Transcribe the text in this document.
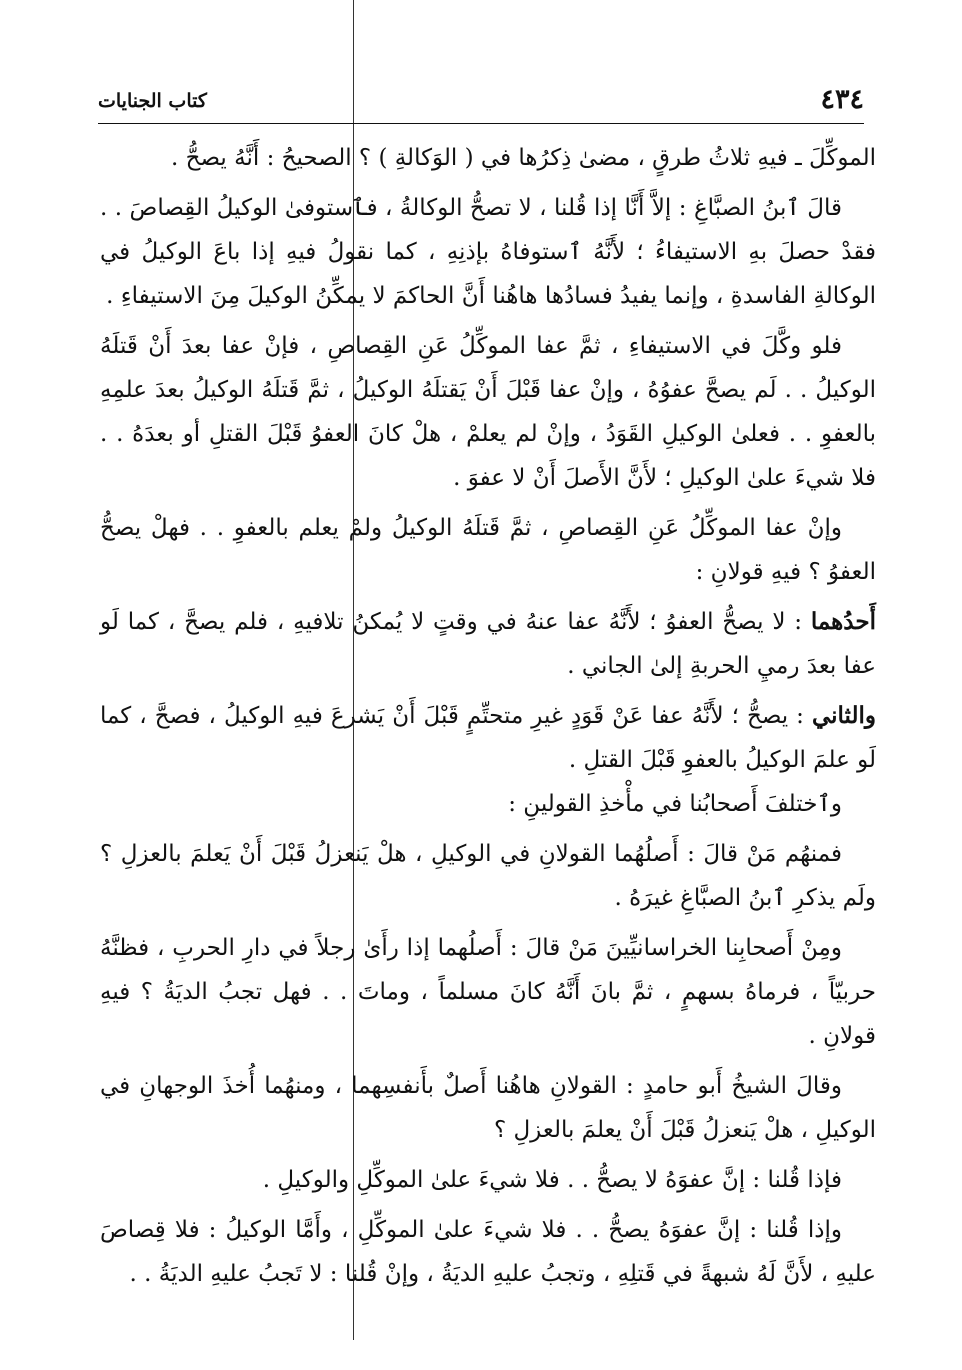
٤٣٤
كتاب الجنايات

الموكِّلَ ـ فيهِ ثلاثُ طرقٍ ، مضىٰ ذِكرُها في ( الوَكالةِ ) ؟ الصحيحُ : أَنَّهُ يصحُّ .

قالَ ٱبنُ الصبَّاغِ : إلاَّ أَنَّا إذا قُلنا ، لا تصحُّ الوكالةُ ، فٱستوفىٰ الوكيلُ القِصاصَ . . فقدْ حصلَ بهِ الاستيفاءُ ؛ لأَنَّهُ ٱستوفاهُ بإذنِهِ ، كما نقولُ فيهِ إذا باعَ الوكيلُ في الوكالةِ الفاسدةِ ، وإنما يفيدُ فسادُها هاهُنا أَنَّ الحاكمَ لا يمكِّنُ الوكيلَ مِنَ الاستيفاءِ .

فلو وكَّلَ في الاستيفاءِ ، ثمَّ عفا الموكِّلُ عَنِ القِصاصِ ، فإنْ عفا بعدَ أَنْ قَتلَهُ الوكيلُ . . لَم يصحَّ عفوُهُ ، وإنْ عفا قَبْلَ أَنْ يَقتلَهُ الوكيلُ ، ثمَّ قَتلَهُ الوكيلُ بعدَ علمِهِ بالعفوِ . . فعلىٰ الوكيلِ القَوَدُ ، وإنْ لم يعلمْ ، هلْ كانَ العفوُ قَبْلَ القتلِ أو بعدَهُ . . فلا شيءَ علىٰ الوكيلِ ؛ لأَنَّ الأَصلَ أَنْ لا عفوَ .

وإنْ عفا الموكِّلُ عَنِ القِصاصِ ، ثمَّ قَتلَهُ الوكيلُ ولمْ يعلم بالعفوِ . . فهلْ يصحُّ العفوُ ؟ فيهِ قولانِ :

أَحدُهما : لا يصحُّ العفوُ ؛ لأَنَّهُ عفا عنهُ في وقتٍ لا يُمكنُ تلافيهِ ، فلم يصحَّ ، كما لَو عفا بعدَ رميِ الحربةِ إلىٰ الجاني .

والثاني : يصحُّ ؛ لأَنَّهُ عفا عَنْ قَوَدٍ غيرِ متحتِّمٍ قَبْلَ أَنْ يَشرعَ فيهِ الوكيلُ ، فصحَّ ، كما لَو علمَ الوكيلُ بالعفوِ قَبْلَ القتلِ .

وٱختلفَ أَصحابُنا في مأْخذِ القولينِ :

فمنهُم مَنْ قالَ : أَصلُهُما القولانِ في الوكيلِ ، هلْ يَنعزلُ قَبْلَ أَنْ يَعلمَ بالعزلِ ؟ ولَم يذكرِ ٱبنُ الصبَّاغِ غيرَهُ .

ومِنْ أَصحابِنا الخراسانيِّينَ مَنْ قالَ : أَصلُهما إذا رأَىٰ رجلاً في دارِ الحربِ ، فظنَّهُ حربيّاً ، فرماهُ بسهمٍ ، ثمَّ بانَ أَنَّهُ كانَ مسلماً ، وماتَ . . فهل تجبُ الديَةُ ؟ فيهِ قولانِ .

وقالَ الشيخُ أَبو حامدٍ : القولانِ هاهُنا أَصلٌ بأَنفسِهما ، ومنهُما أُخذَ الوجهانِ في الوكيلِ ، هلْ يَنعزلُ قَبْلَ أَنْ يعلمَ بالعزلِ ؟

فإذا قُلنا : إنَّ عفوَهُ لا يصحُّ . . فلا شيءَ علىٰ الموكِّلِ والوكيلِ .

وإذا قُلنا : إنَّ عفوَهُ يصحُّ . . فلا شيءَ علىٰ الموكِّلِ ، وأَمَّا الوكيلُ : فلا قِصاصَ عليهِ ، لأَنَّ لَهُ شبهةً في قَتلِهِ ، وتجبُ عليهِ الديَةُ ، وإنْ قُلنا : لا تَجبُ عليهِ الديَةُ . .
